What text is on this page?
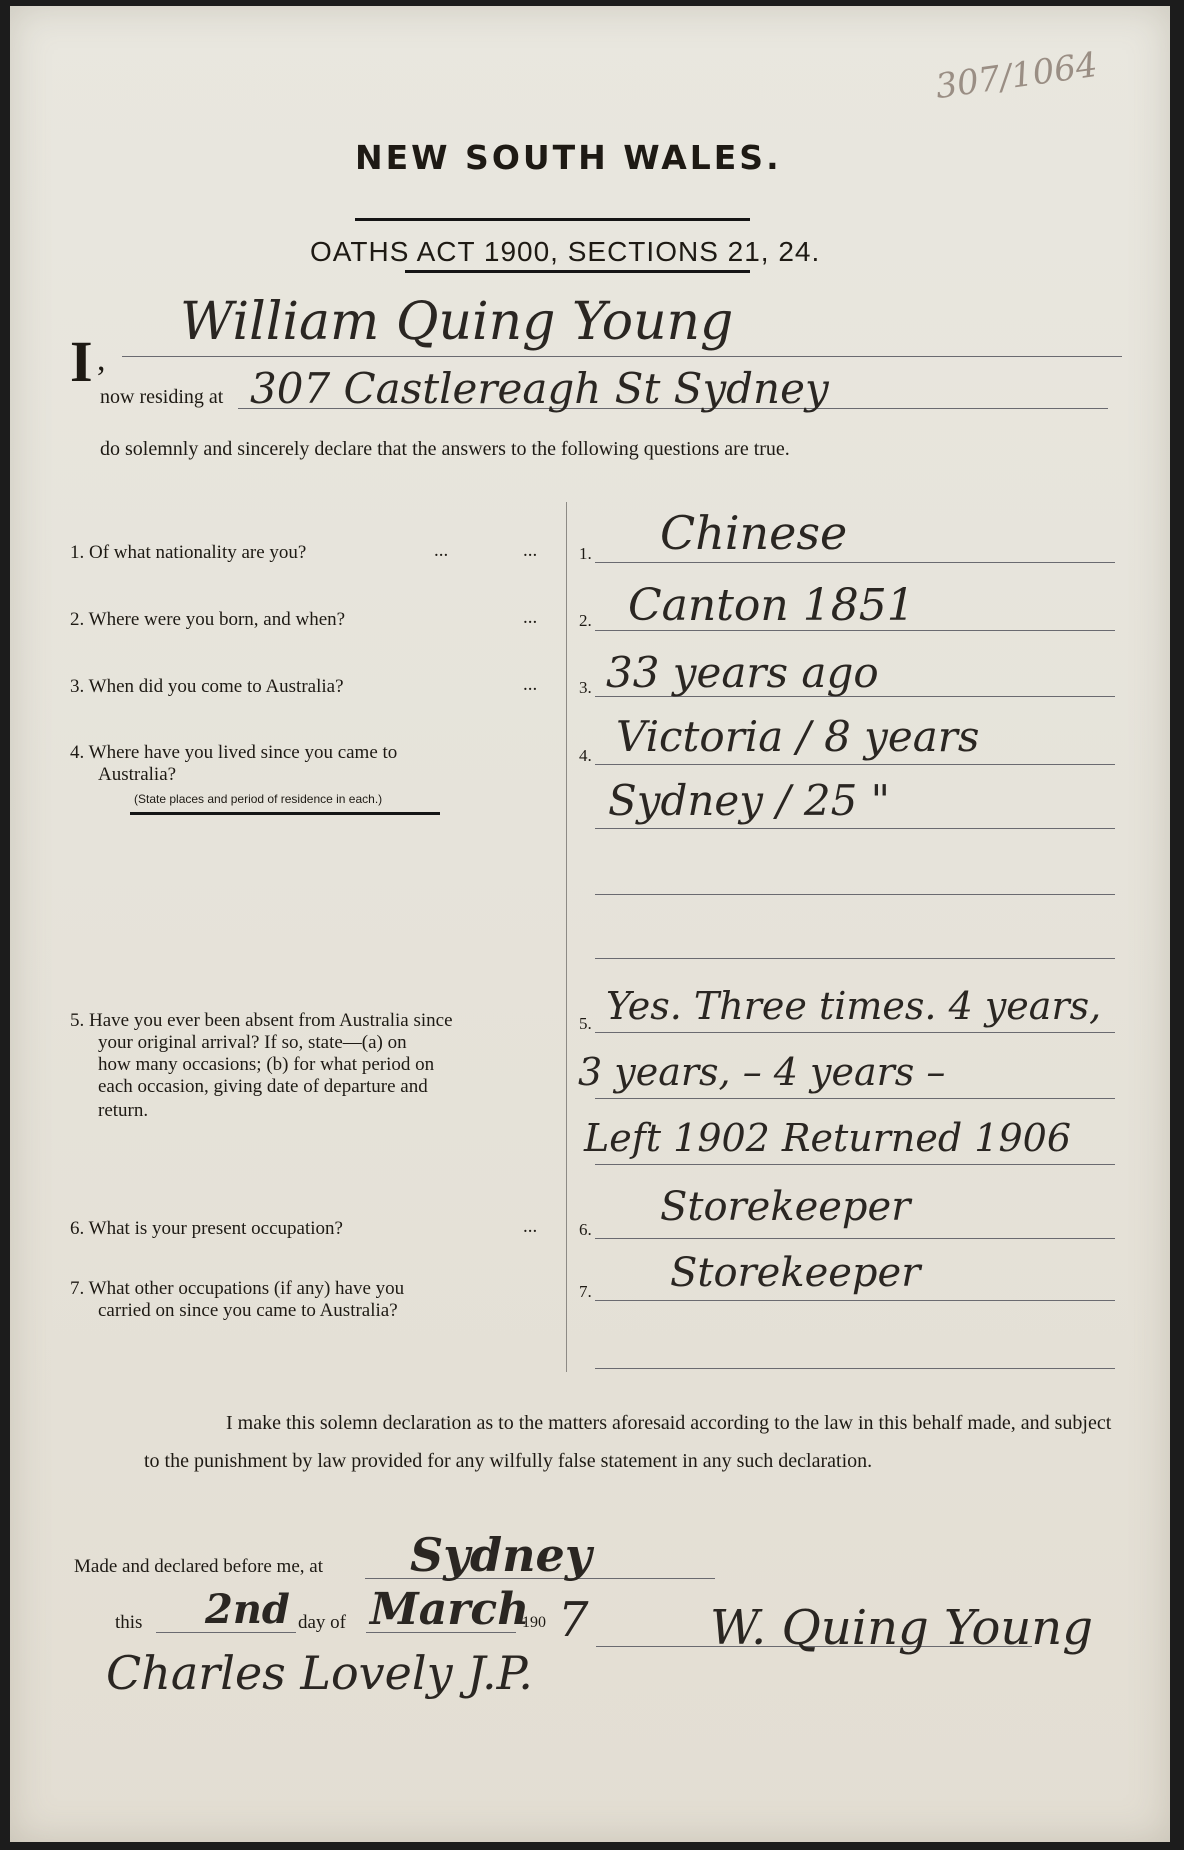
307/1064
NEW SOUTH WALES.
OATHS ACT 1900, SECTIONS 21, 24.
I ,
William Quing Young
now residing at 307 Castlereagh St Sydney
do solemnly and sincerely declare that the answers to the following questions are true.
1. Of what nationality are you?	...	... 1. Chinese
2. Where were you born, and when?	... 2. Canton 1851
3. When did you come to Australia?	... 3. 33 years ago
4. Where have you lived since you came to
Australia?
(State places and period of residence in each.)
4. Victoria / 8 years
Sydney / 25 "
5. Have you ever been absent from Australia since
your original arrival? If so, state—(a) on
how many occasions; (b) for what period on
each occasion, giving date of departure and
return.
5. Yes. Three times. 4 years,
3 years, – 4 years –
Left 1902 Returned 1906
6. What is your present occupation?	... 6. Storekeeper
7. What other occupations (if any) have you
carried on since you came to Australia?
7. Storekeeper
I make this solemn declaration as to the matters aforesaid according to the law in this behalf made, and subject to the punishment by law provided for any wilfully false statement in any such declaration.
Made and declared before me, at Sydney
this 2nd day of March
190 7
Charles Lovely J.P.
W. Quing Young
